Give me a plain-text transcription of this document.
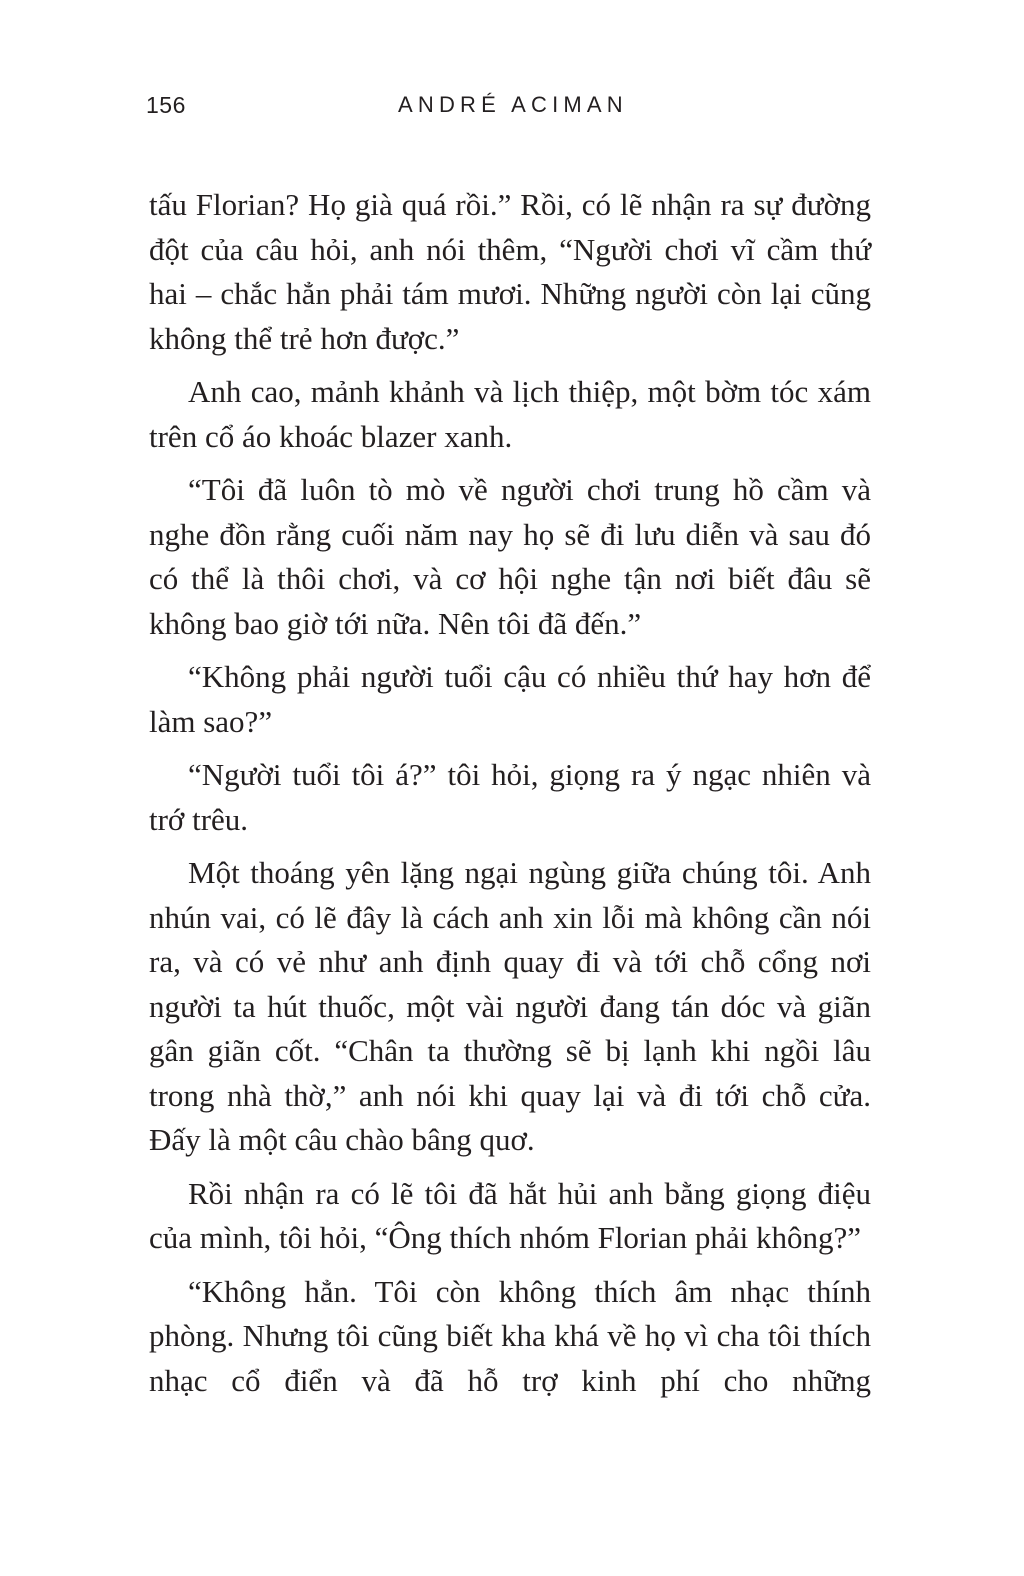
156	ANDRÉ ACIMAN

tấu Florian? Họ già quá rồi.” Rồi, có lẽ nhận ra sự đường đột của câu hỏi, anh nói thêm, “Người chơi vĩ cầm thứ hai – chắc hẳn phải tám mươi. Những người còn lại cũng không thể trẻ hơn được.”

Anh cao, mảnh khảnh và lịch thiệp, một bờm tóc xám trên cổ áo khoác blazer xanh.

“Tôi đã luôn tò mò về người chơi trung hồ cầm và nghe đồn rằng cuối năm nay họ sẽ đi lưu diễn và sau đó có thể là thôi chơi, và cơ hội nghe tận nơi biết đâu sẽ không bao giờ tới nữa. Nên tôi đã đến.”

“Không phải người tuổi cậu có nhiều thứ hay hơn để làm sao?”

“Người tuổi tôi á?” tôi hỏi, giọng ra ý ngạc nhiên và trớ trêu.

Một thoáng yên lặng ngại ngùng giữa chúng tôi. Anh nhún vai, có lẽ đây là cách anh xin lỗi mà không cần nói ra, và có vẻ như anh định quay đi và tới chỗ cổng nơi người ta hút thuốc, một vài người đang tán dóc và giãn gân giãn cốt. “Chân ta thường sẽ bị lạnh khi ngồi lâu trong nhà thờ,” anh nói khi quay lại và đi tới chỗ cửa. Đấy là một câu chào bâng quơ.

Rồi nhận ra có lẽ tôi đã hắt hủi anh bằng giọng điệu của mình, tôi hỏi, “Ông thích nhóm Florian phải không?”

“Không hẳn. Tôi còn không thích âm nhạc thính phòng. Nhưng tôi cũng biết kha khá về họ vì cha tôi thích nhạc cổ điển và đã hỗ trợ kinh phí cho những
